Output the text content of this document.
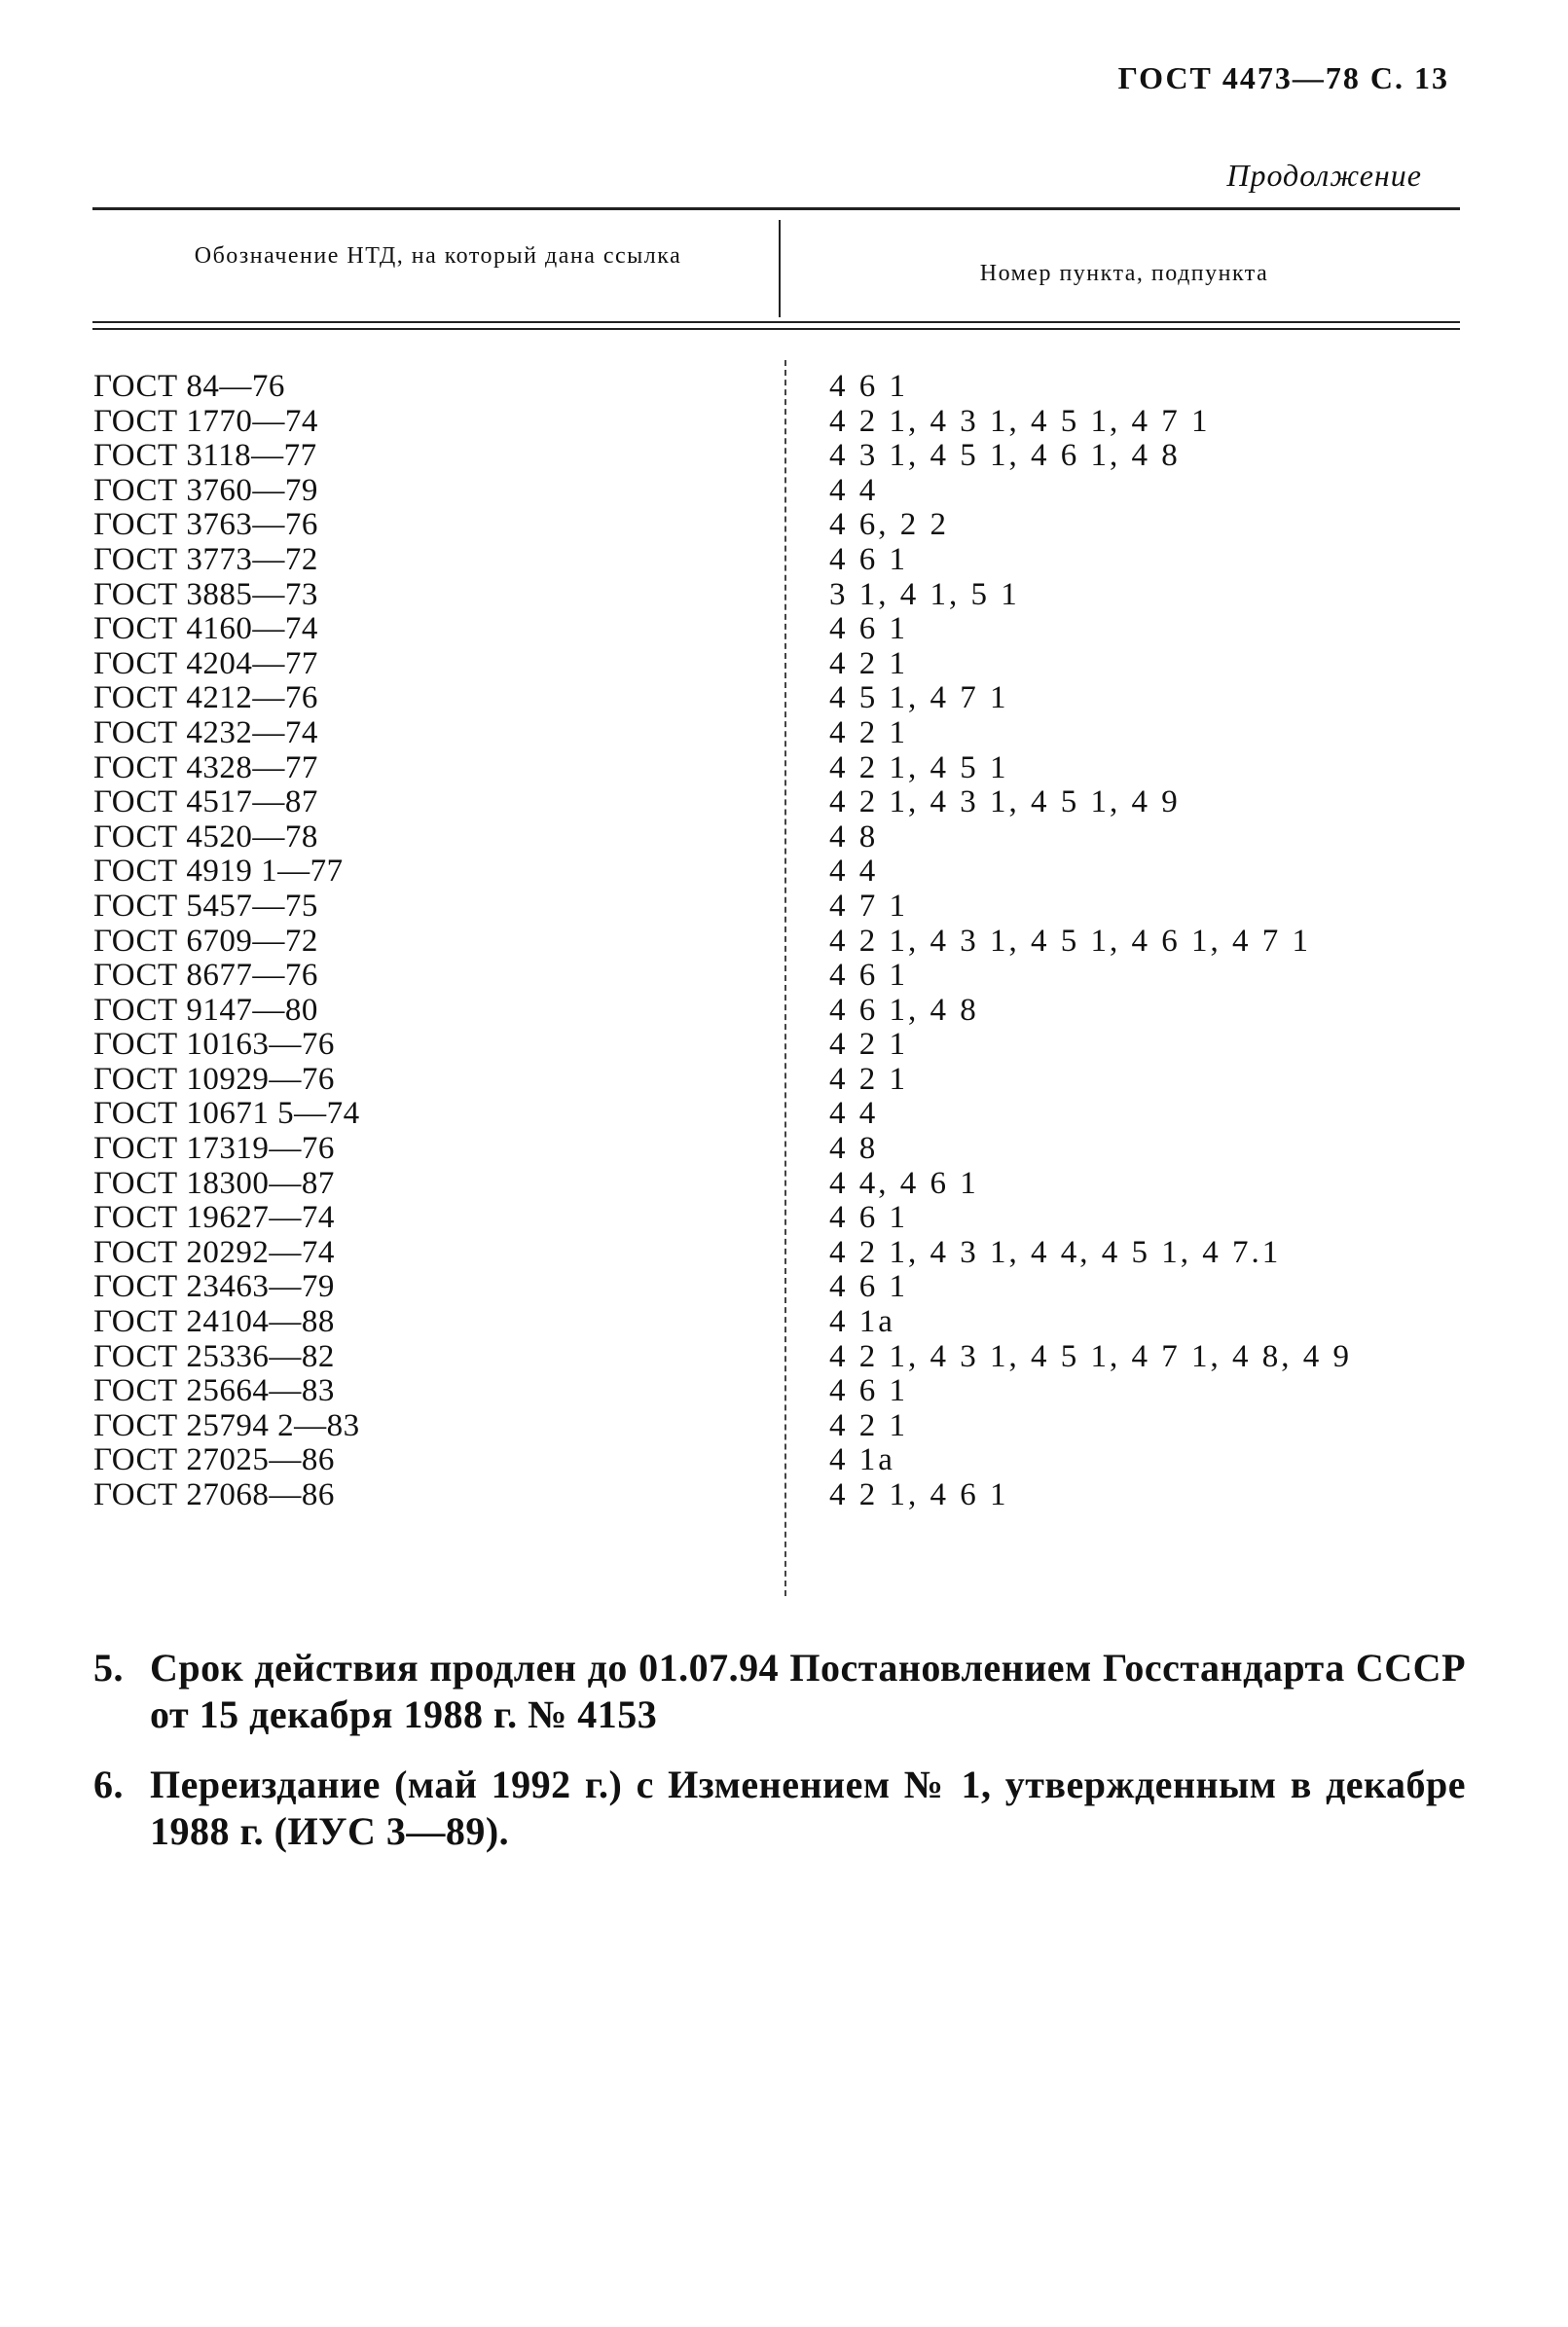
ГОСТ 4473—78 С. 13
Продолжение
Обозначение НТД, на который дана ссылка
Номер пункта, подпункта
ГОСТ 84—76
ГОСТ 1770—74
ГОСТ 3118—77
ГОСТ 3760—79
ГОСТ 3763—76
ГОСТ 3773—72
ГОСТ 3885—73
ГОСТ 4160—74
ГОСТ 4204—77
ГОСТ 4212—76
ГОСТ 4232—74
ГОСТ 4328—77
ГОСТ 4517—87
ГОСТ 4520—78
ГОСТ 4919 1—77
ГОСТ 5457—75
ГОСТ 6709—72
ГОСТ 8677—76
ГОСТ 9147—80
ГОСТ 10163—76
ГОСТ 10929—76
ГОСТ 10671 5—74
ГОСТ 17319—76
ГОСТ 18300—87
ГОСТ 19627—74
ГОСТ 20292—74
ГОСТ 23463—79
ГОСТ 24104—88
ГОСТ 25336—82
ГОСТ 25664—83
ГОСТ 25794 2—83
ГОСТ 27025—86
ГОСТ 27068—86
4 6 1
4 2 1, 4 3 1, 4 5 1, 4 7 1
4 3 1, 4 5 1, 4 6 1, 4 8
4 4
4 6, 2 2
4 6 1
3 1, 4 1, 5 1
4 6 1
4 2 1
4 5 1, 4 7 1
4 2 1
4 2 1, 4 5 1
4 2 1, 4 3 1, 4 5 1, 4 9
4 8
4 4
4 7 1
4 2 1, 4 3 1, 4 5 1, 4 6 1, 4 7 1
4 6 1
4 6 1, 4 8
4 2 1
4 2 1
4 4
4 8
4 4, 4 6 1
4 6 1
4 2 1, 4 3 1, 4 4, 4 5 1, 4 7.1
4 6 1
4 1а
4 2 1, 4 3 1, 4 5 1, 4 7 1, 4 8, 4 9
4 6 1
4 2 1
4 1а
4 2 1, 4 6 1
5. Срок действия продлен до 01.07.94 Постановлением Госстандарта СССР от 15 декабря 1988 г. № 4153
6. Переиздание (май 1992 г.) с Изменением № 1, утвержденным в декабре 1988 г. (ИУС 3—89).
